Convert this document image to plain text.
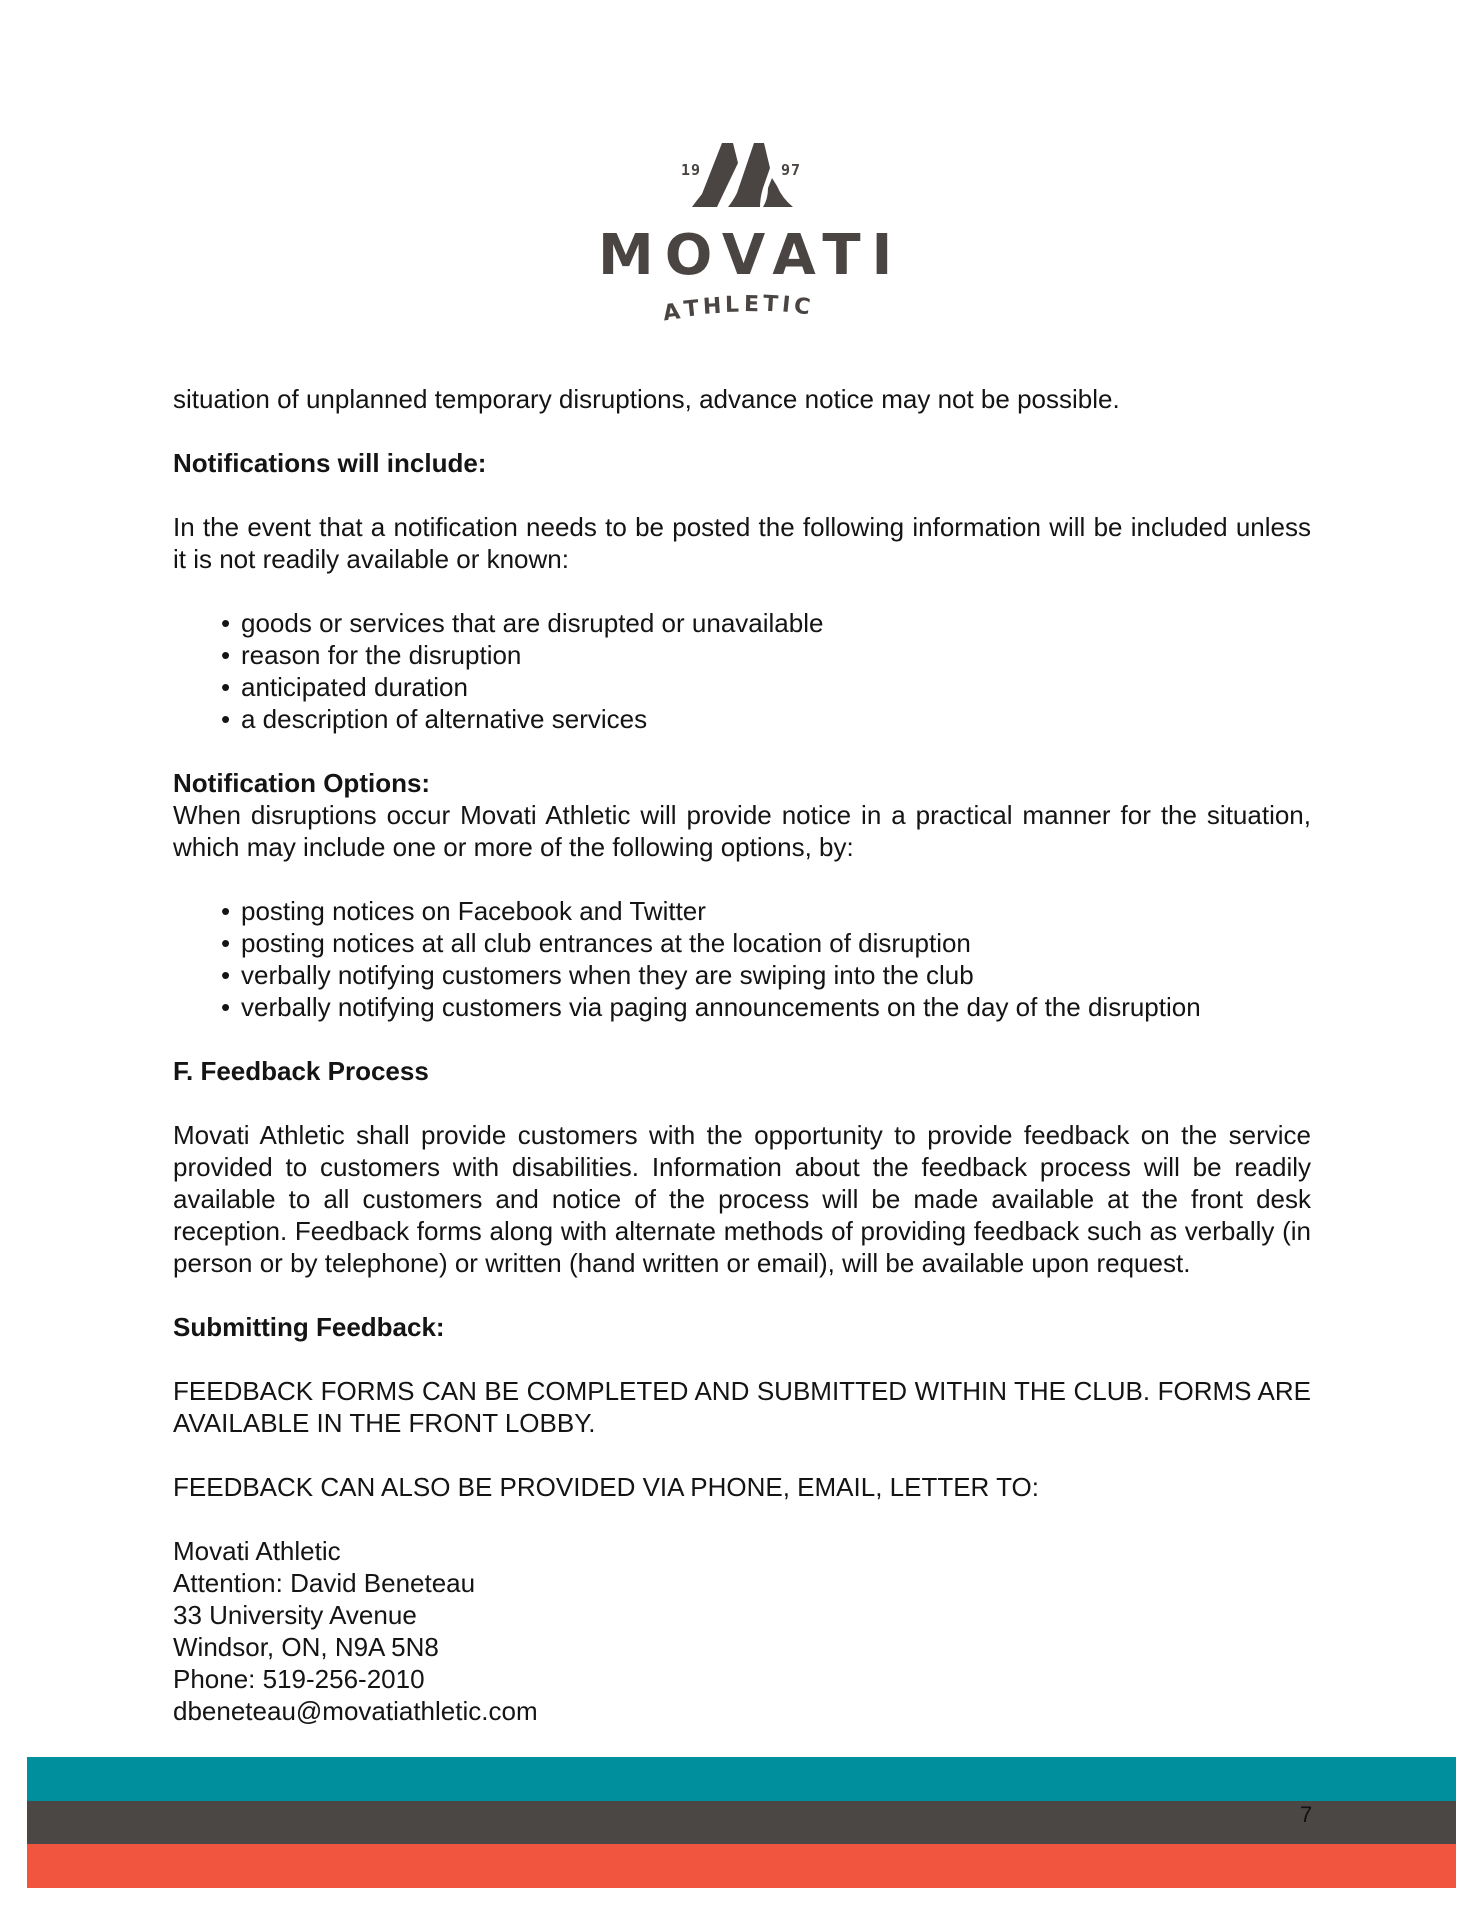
19	97
MOVATI
ATH L E TIC

situation of unplanned temporary disruptions, advance notice may not be possible.

Notifications will include:

In the event that a notification needs to be posted the following information will be included unless it is not readily available or known:

• goods or services that are disrupted or unavailable
• reason for the disruption
• anticipated duration
• a description of alternative services

Notification Options:

When disruptions occur Movati Athletic will provide notice in a practical manner for the situation, which may include one or more of the following options, by:

• posting notices on Facebook and Twitter
• posting notices at all club entrances at the location of disruption
• verbally notifying customers when they are swiping into the club
• verbally notifying customers via paging announcements on the day of the disruption

F. Feedback Process

Movati Athletic shall provide customers with the opportunity to provide feedback on the service provided to customers with disabilities. Information about the feedback process will be readily available to all customers and notice of the process will be made available at the front desk reception. Feedback forms along with alternate methods of providing feedback such as verbally (in person or by telephone) or written (hand written or email), will be available upon request.

Submitting Feedback:

FEEDBACK FORMS CAN BE COMPLETED AND SUBMITTED WITHIN THE CLUB. FORMS ARE AVAILABLE IN THE FRONT LOBBY.

FEEDBACK CAN ALSO BE PROVIDED VIA PHONE, EMAIL, LETTER TO:

Movati Athletic
Attention: David Beneteau
33 University Avenue
Windsor, ON, N9A 5N8
Phone: 519-256-2010
dbeneteau@movatiathletic.com
7
